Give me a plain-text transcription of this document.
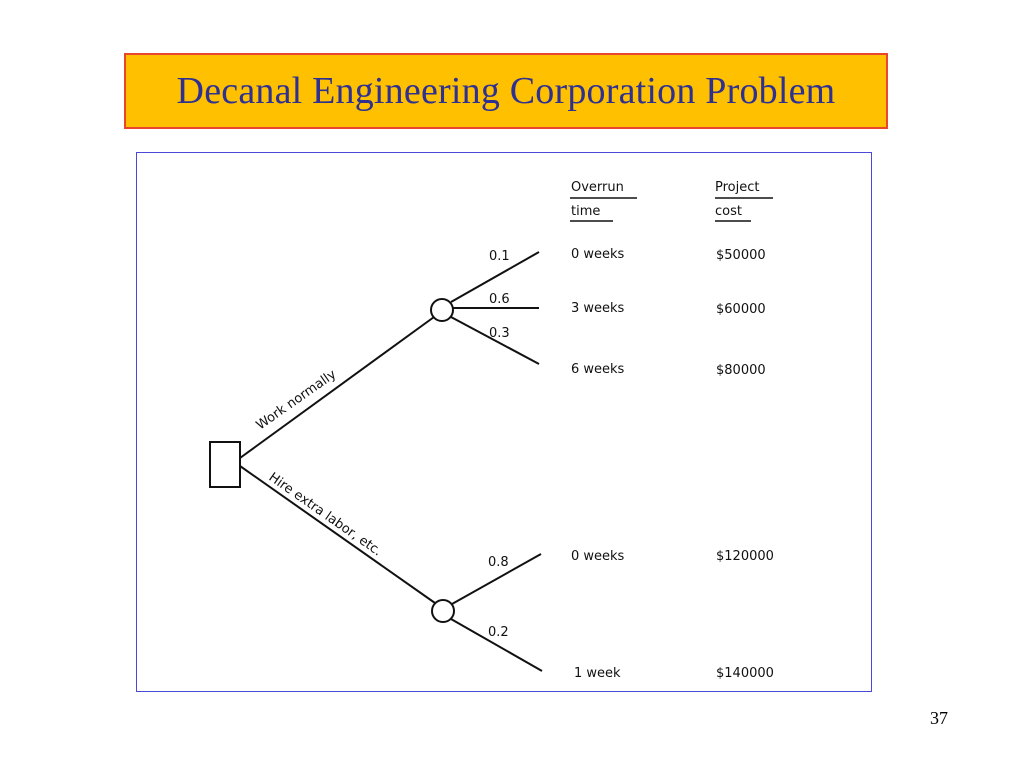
Decanal Engineering Corporation Problem
Overrun
time
Project
cost
Work normally
Hire extra labor, etc.
0.1	0 weeks	$50000
0.6
3 weeks	$60000
0.3
6 weeks	$80000
0.8	0 weeks	$120000
0.2
1 week	$140000
37
